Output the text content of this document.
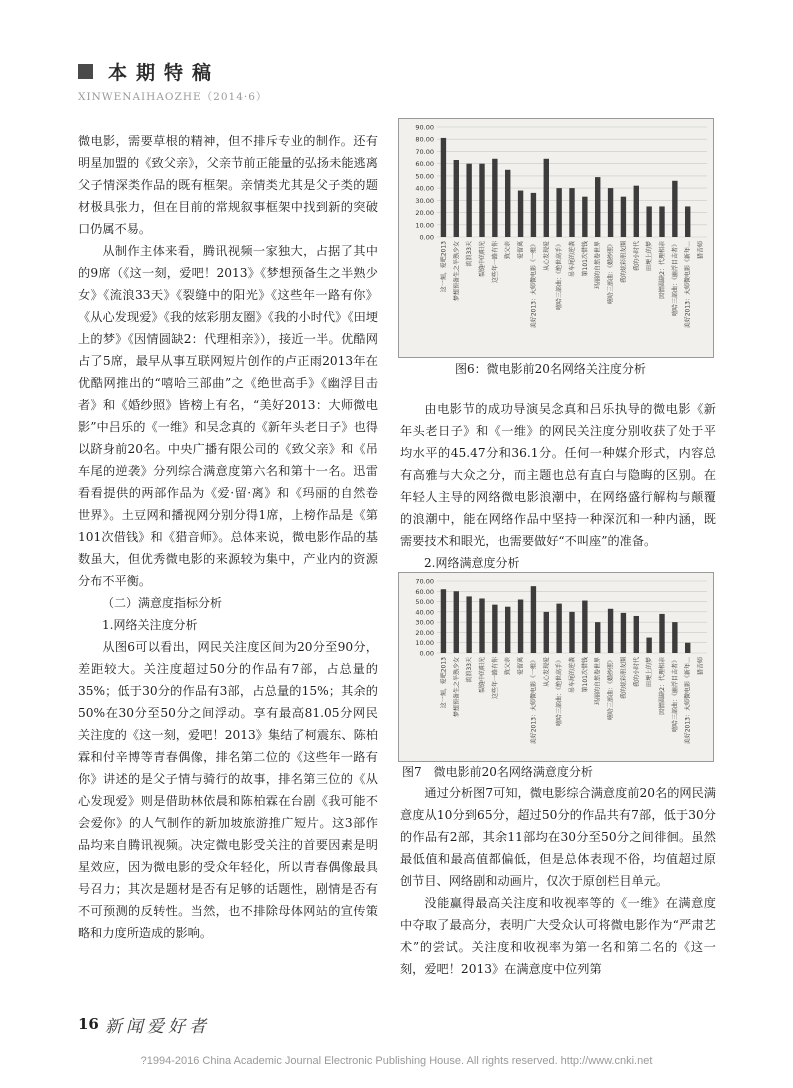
本期特稿
XINWENAIHAOZHE（2014·6）

微电影，需要草根的精神，但不排斥专业的制作。还有明星加盟的《致父亲》，父亲节前正能量的弘扬未能逃离父子情深类作品的既有框架。亲情类尤其是父子类的题材极具张力，但在目前的常规叙事框架中找到新的突破口仍属不易。

从制作主体来看，腾讯视频一家独大，占据了其中的9席（《这一刻，爱吧！2013》《梦想预备生之半熟少女》《流浪33天》《裂缝中的阳光》《这些年一路有你》《从心发现爱》《我的炫彩朋友圈》《我的小时代》《田埂上的梦》《因情圆缺2：代理相亲》），接近一半。优酷网占了5席，最早从事互联网短片创作的卢正雨2013年在优酷网推出的“嘻哈三部曲”之《绝世高手》《幽浮目击者》和《婚纱照》皆榜上有名，“美好2013：大师微电影”中吕乐的《一维》和吴念真的《新年头老日子》也得以跻身前20名。中央广播有限公司的《致父亲》和《吊车尾的逆袭》分列综合满意度第六名和第十一名。迅雷看看提供的两部作品为《爱·留·离》和《玛丽的自然卷世界》。土豆网和播视网分别分得1席，上榜作品是《第101次借钱》和《猎音师》。总体来说，微电影作品的基数虽大，但优秀微电影的来源较为集中，产业内的资源分布不平衡。

（二）满意度指标分析

1.网络关注度分析

从图6可以看出，网民关注度区间为20分至90分，差距较大。关注度超过50分的作品有7部，占总量的35%；低于30分的作品有3部，占总量的15%；其余的50%在30分至50分之间浮动。享有最高81.05分网民关注度的《这一刻，爱吧！2013》集结了柯震东、陈柏霖和付辛博等青春偶像，排名第二位的《这些年一路有你》讲述的是父子情与骑行的故事，排名第三位的《从心发现爱》则是借助林依晨和陈柏霖在台剧《我可能不会爱你》的人气制作的新加坡旅游推广短片。这3部作品均来自腾讯视频。决定微电影受关注的首要因素是明星效应，因为微电影的受众年轻化，所以青春偶像最具号召力；其次是题材是否有足够的话题性，剧情是否有不可预测的反转性。当然，也不排除母体网站的宣传策略和力度所造成的影响。

0.00
10.00
20.00
30.00
40.00
50.00
60.00
70.00
80.00
90.00
这一刻，爱吧2013 梦想预备生之半熟少女 流浪33天 裂缝中的阳光 这些年一路有你 致父亲 爱留离 美好2013：大师微电影《一维》 从心发现爱 嘻哈三部曲：《绝世高手》 吊车尾的逆袭 第101次借钱 玛丽的自然卷世界 嘻哈三部曲：《婚纱照》 我的炫彩朋友圈 我的小时代 田埂上的梦 因情圆缺2：代理相亲 嘻哈三部曲：《幽浮目击者》 美好2013：大师微电影《新年… 猎音师
图6：微电影前20名网络关注度分析

由电影节的成功导演吴念真和吕乐执导的微电影《新年头老日子》和《一维》的网民关注度分别收获了处于平均水平的45.47分和36.1分。任何一种媒介形式，内容总有高雅与大众之分，而主题也总有直白与隐晦的区别。在年轻人主导的网络微电影浪潮中，在网络盛行解构与颠覆的浪潮中，能在网络作品中坚持一种深沉和一种内涵，既需要技术和眼光，也需要做好“不叫座”的准备。

2.网络满意度分析

0.00
10.00
20.00
30.00
40.00
50.00
60.00
70.00
这一刻，爱吧2013 梦想预备生之半熟少女 流浪33天 裂缝中的阳光 这些年一路有你 致父亲 爱留离 美好2013：大师微电影《一维》 从心发现爱 嘻哈三部曲：《绝世高手》 吊车尾的逆袭 第101次借钱 玛丽的自然卷世界 嘻哈三部曲：《婚纱照》 我的炫彩朋友圈 我的小时代 田埂上的梦 因情圆缺2：代理相亲 嘻哈三部曲：《幽浮目击者》 美好2013：大师微电影《新年… 猎音师
图7　微电影前20名网络满意度分析

通过分析图7可知，微电影综合满意度前20名的网民满意度从10分到65分，超过50分的作品共有7部，低于30分的作品有2部，其余11部均在30分至50分之间徘徊。虽然最低值和最高值都偏低，但是总体表现不俗，均值超过原创节目、网络剧和动画片，仅次于原创栏目单元。

没能赢得最高关注度和收视率等的《一维》在满意度中夺取了最高分，表明广大受众认可将微电影作为“严肃艺术”的尝试。关注度和收视率为第一名和第二名的《这一刻，爱吧！2013》在满意度中位列第

16 新闻爱好者
?1994-2016 China Academic Journal Electronic Publishing House. All rights reserved. http://www.cnki.net
